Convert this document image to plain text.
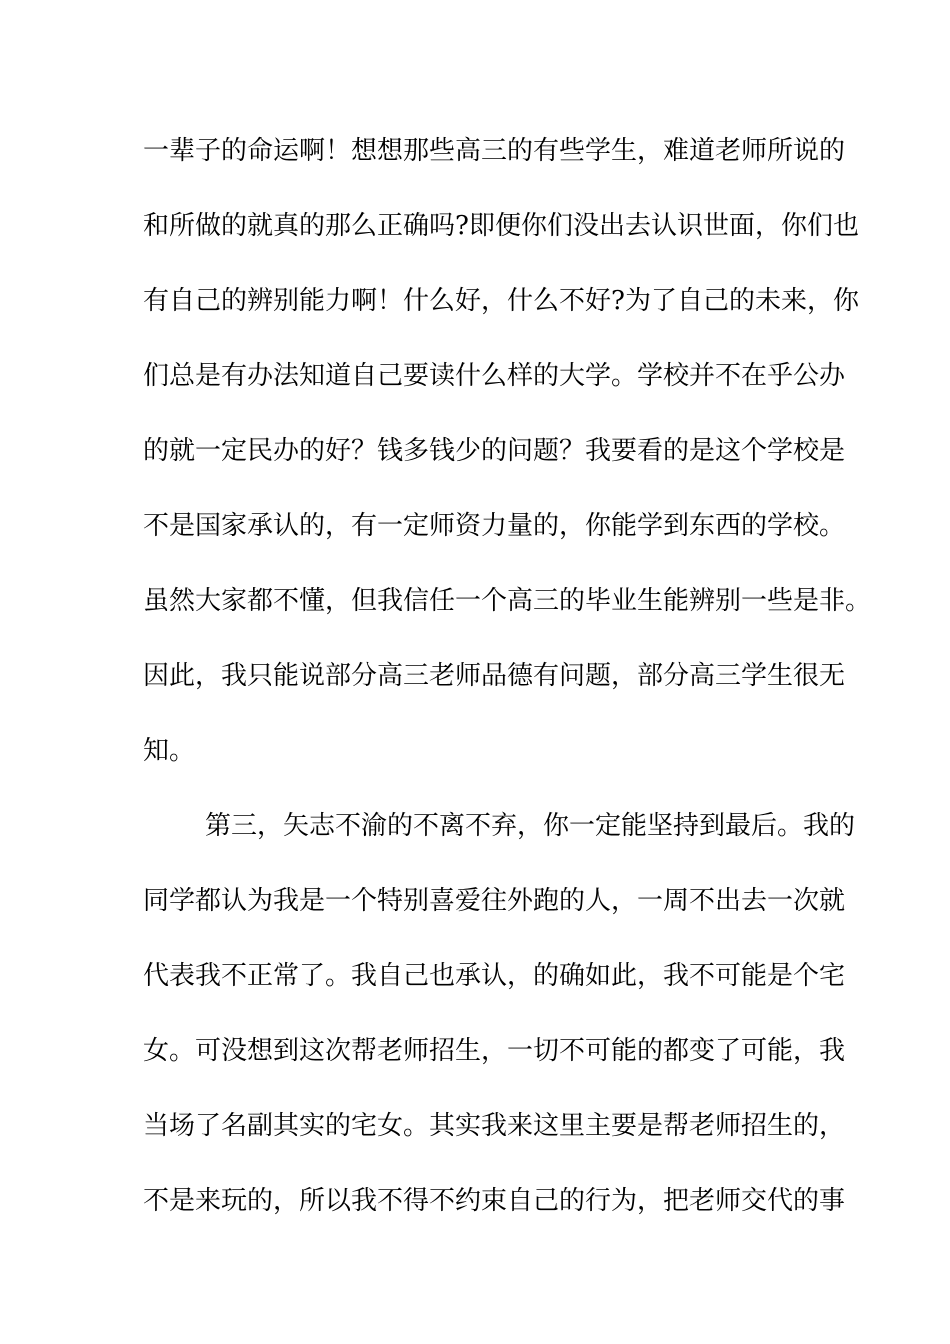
一辈子的命运啊！想想那些高三的有些学生，难道老师所说的
和所做的就真的那么正确吗?即便你们没出去认识世面，你们也
有自己的辨别能力啊！什么好，什么不好?为了自己的未来，你
们总是有办法知道自己要读什么样的大学。学校并不在乎公办
的就一定民办的好？钱多钱少的问题？我要看的是这个学校是
不是国家承认的，有一定师资力量的，你能学到东西的学校。
虽然大家都不懂，但我信任一个高三的毕业生能辨别一些是非。
因此，我只能说部分高三老师品德有问题，部分高三学生很无
知。
第三，矢志不渝的不离不弃，你一定能坚持到最后。我的
同学都认为我是一个特别喜爱往外跑的人，一周不出去一次就
代表我不正常了。我自己也承认，的确如此，我不可能是个宅
女。可没想到这次帮老师招生，一切不可能的都变了可能，我
当场了名副其实的宅女。其实我来这里主要是帮老师招生的，
不是来玩的，所以我不得不约束自己的行为，把老师交代的事
